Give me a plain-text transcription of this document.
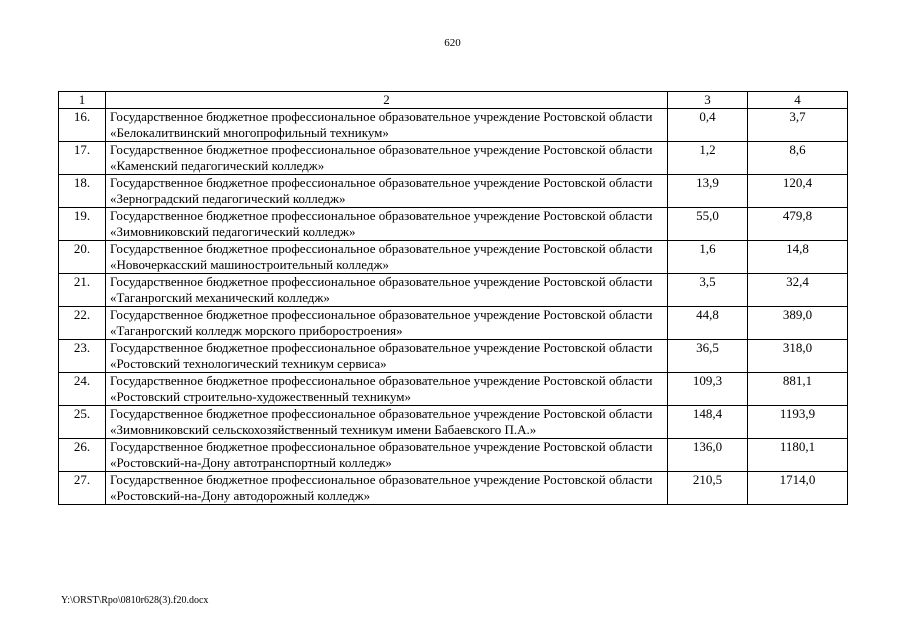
620
1	2	3	4
16.	Государственное бюджетное профессиональное образовательное учреждение Ростовской области «Белокалитвинский многопрофильный техникум»	0,4	3,7
17.	Государственное бюджетное профессиональное образовательное учреждение Ростовской области «Каменский педагогический колледж»	1,2	8,6
18.	Государственное бюджетное профессиональное образовательное учреждение Ростовской области «Зерноградский педагогический колледж»	13,9	120,4
19.	Государственное бюджетное профессиональное образовательное учреждение Ростовской области «Зимовниковский педагогический колледж»	55,0	479,8
20.	Государственное бюджетное профессиональное образовательное учреждение Ростовской области «Новочеркасский машиностроительный колледж»	1,6	14,8
21.	Государственное бюджетное профессиональное образовательное учреждение Ростовской области «Таганрогский механический колледж»	3,5	32,4
22.	Государственное бюджетное профессиональное образовательное учреждение Ростовской области «Таганрогский колледж морского приборостроения»	44,8	389,0
23.	Государственное бюджетное профессиональное образовательное учреждение Ростовской области «Ростовский технологический техникум сервиса»	36,5	318,0
24.	Государственное бюджетное профессиональное образовательное учреждение Ростовской области «Ростовский строительно-художественный техникум»	109,3	881,1
25.	Государственное бюджетное профессиональное образовательное учреждение Ростовской области «Зимовниковский сельскохозяйственный техникум имени Бабаевского П.А.»	148,4	1193,9
26.	Государственное бюджетное профессиональное образовательное учреждение Ростовской области «Ростовский-на-Дону автотранспортный колледж»	136,0	1180,1
27.	Государственное бюджетное профессиональное образовательное учреждение Ростовской области «Ростовский-на-Дону автодорожный колледж»	210,5	1714,0
Y:\ORST\Rpo\0810r628(3).f20.docx
